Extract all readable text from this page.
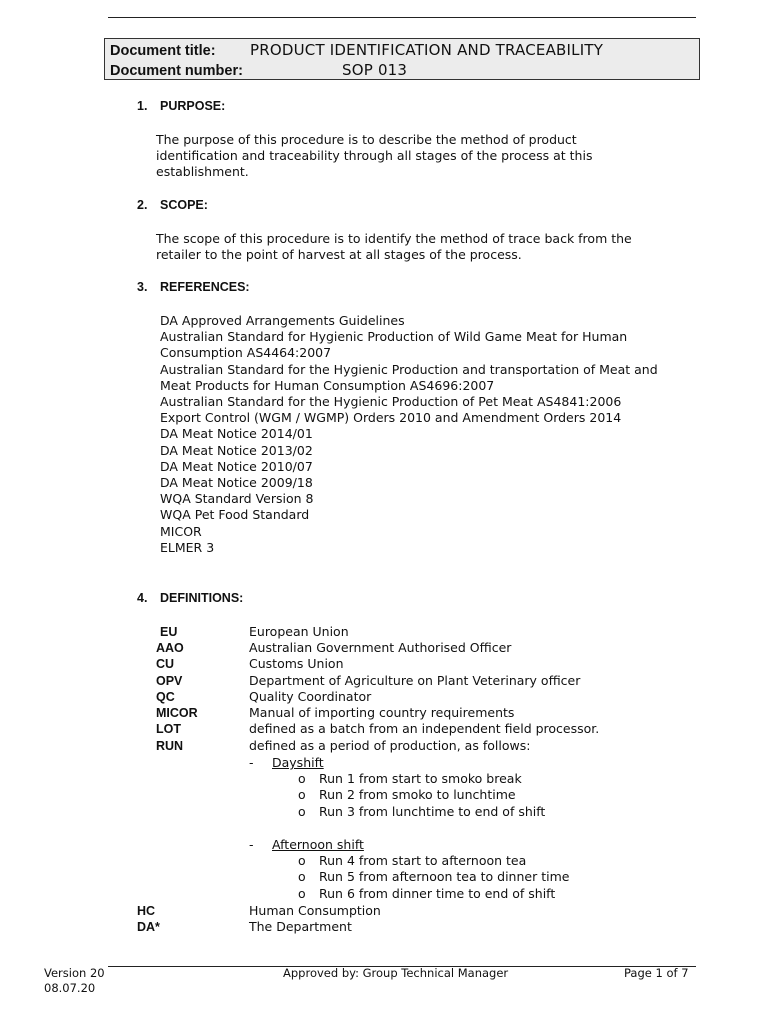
Document title: PRODUCT IDENTIFICATION AND TRACEABILITY
Document number:	SOP 013
1. PURPOSE:
The purpose of this procedure is to describe the method of product
identification and traceability through all stages of the process at this
establishment.
2. SCOPE:
The scope of this procedure is to identify the method of trace back from the
retailer to the point of harvest at all stages of the process.
3. REFERENCES:
DA Approved Arrangements Guidelines
Australian Standard for Hygienic Production of Wild Game Meat for Human
Consumption AS4464:2007
Australian Standard for the Hygienic Production and transportation of Meat and
Meat Products for Human Consumption AS4696:2007
Australian Standard for the Hygienic Production of Pet Meat AS4841:2006
Export Control (WGM / WGMP) Orders 2010 and Amendment Orders 2014
DA Meat Notice 2014/01
DA Meat Notice 2013/02
DA Meat Notice 2010/07
DA Meat Notice 2009/18
WQA Standard Version 8
WQA Pet Food Standard
MICOR
ELMER 3
4. DEFINITIONS:
EU	European Union
AAO	Australian Government Authorised Officer
CU	Customs Union
OPV	Department of Agriculture on Plant Veterinary officer
QC	Quality Coordinator
MICOR	Manual of importing country requirements
LOT	defined as a batch from an independent field processor.
RUN	defined as a period of production, as follows:
- Dayshift
o Run 1 from start to smoko break
o Run 2 from smoko to lunchtime
o Run 3 from lunchtime to end of shift
- Afternoon shift
o Run 4 from start to afternoon tea
o Run 5 from afternoon tea to dinner time
o Run 6 from dinner time to end of shift
HC	Human Consumption
DA*	The Department
Version 20
08.07.20
Approved by: Group Technical Manager	Page 1 of 7
